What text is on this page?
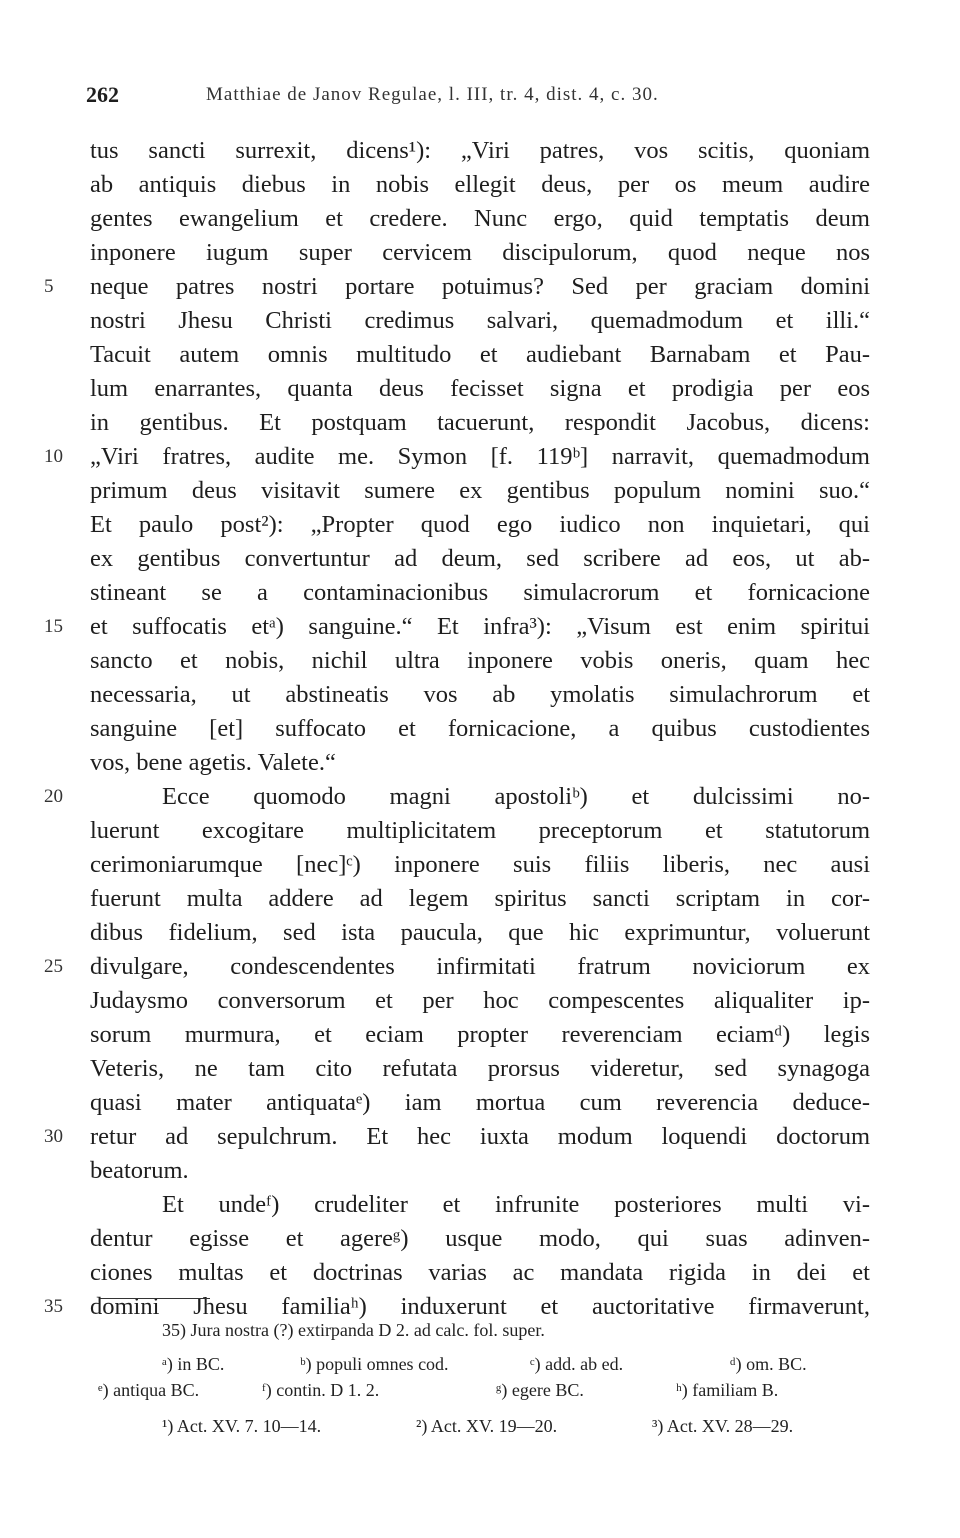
262	Matthiae de Janov Regulae, l. III, tr. 4, dist. 4, c. 30.
tus sancti surrexit, dicens¹): „Viri patres, vos scitis, quoniam
ab antiquis diebus in nobis ellegit deus, per os meum audire
gentes ewangelium et credere. Nunc ergo, quid temptatis deum
inponere iugum super cervicem discipulorum, quod neque nos
5	neque patres nostri portare potuimus? Sed per graciam domini
nostri Jhesu Christi credimus salvari, quemadmodum et illi.“
Tacuit autem omnis multitudo et audiebant Barnabam et Pau-
lum enarrantes, quanta deus fecisset signa et prodigia per eos
in gentibus. Et postquam tacuerunt, respondit Jacobus, dicens:
10	„Viri fratres, audite me. Symon [f. 119ᵇ] narravit, quemadmodum
primum deus visitavit sumere ex gentibus populum nomini suo.“
Et paulo post²): „Propter quod ego iudico non inquietari, qui
ex gentibus convertuntur ad deum, sed scribere ad eos, ut ab-
stineant se a contaminacionibus simulacrorum et fornicacione
15	et suffocatis etᵃ) sanguine.“ Et infra³): „Visum est enim spiritui
sancto et nobis, nichil ultra inponere vobis oneris, quam hec
necessaria, ut abstineatis vos ab ymolatis simulachrorum et
sanguine [et] suffocato et fornicacione, a quibus custodientes
vos, bene agetis. Valete.“
20	Ecce quomodo magni apostoliᵇ) et dulcissimi no-
luerunt excogitare multiplicitatem preceptorum et statutorum
cerimoniarumque [nec]ᶜ) inponere suis filiis liberis, nec ausi
fuerunt multa addere ad legem spiritus sancti scriptam in cor-
dibus fidelium, sed ista paucula, que hic exprimuntur, voluerunt
25	divulgare, condescendentes infirmitati fratrum noviciorum ex
Judaysmo conversorum et per hoc compescentes aliqualiter ip-
sorum murmura, et eciam propter reverenciam eciamᵈ) legis
Veteris, ne tam cito refutata prorsus videretur, sed synagoga
quasi mater antiquataᵉ) iam mortua cum reverencia deduce-
30	retur ad sepulchrum. Et hec iuxta modum loquendi doctorum
beatorum.
Et undeᶠ) crudeliter et infrunite posteriores multi vi-
dentur egisse et agereᵍ) usque modo, qui suas adinven-
ciones multas et doctrinas varias ac mandata rigida in dei et
35	domini Jhesu familiaʰ) induxerunt et auctoritative firmaverunt,
35) Jura nostra (?) extirpanda D 2. ad calc. fol. super.
ᵃ) in BC.	ᵇ) populi omnes cod.	ᶜ) add. ab ed.	ᵈ) om. BC.
ᵉ) antiqua BC.	ᶠ) contin. D 1. 2.	ᵍ) egere BC.	ʰ) familiam B.
¹) Act. XV. 7. 10—14.	²) Act. XV. 19—20.	³) Act. XV. 28—29.
